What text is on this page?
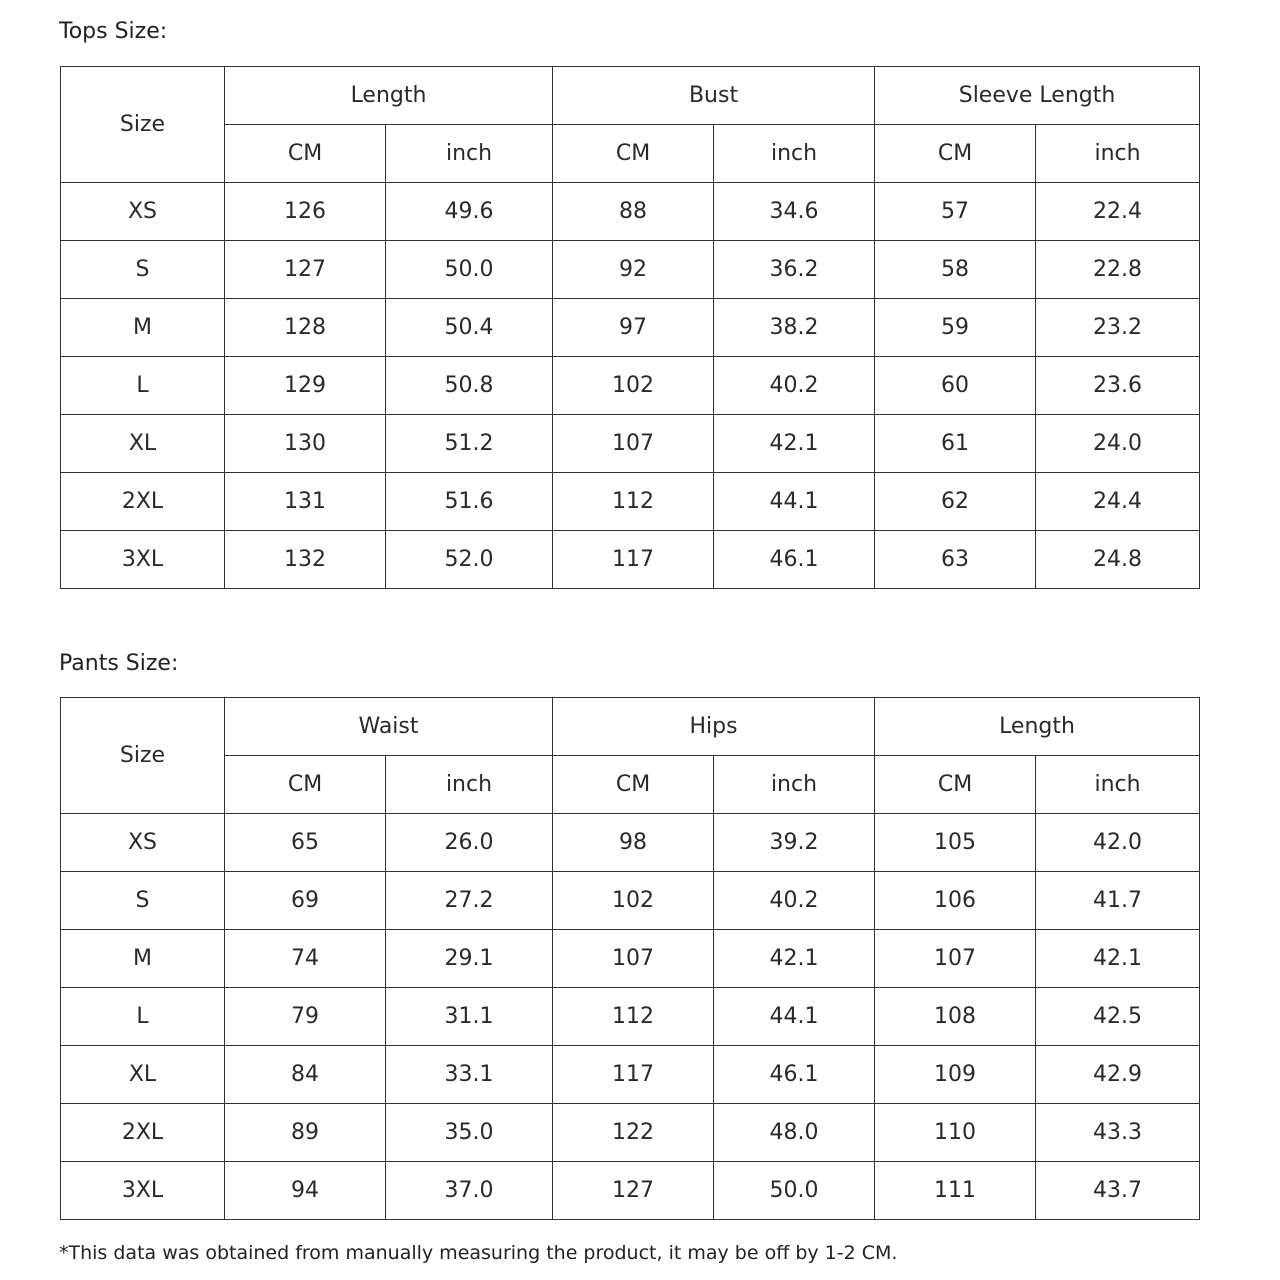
Tops Size:
Size	Length		Bust		Sleeve Length	
	CM	inch	CM	inch	CM	inch
XS	126	49.6	88	34.6	57	22.4
S	127	50.0	92	36.2	58	22.8
M	128	50.4	97	38.2	59	23.2
L	129	50.8	102	40.2	60	23.6
XL	130	51.2	107	42.1	61	24.0
2XL	131	51.6	112	44.1	62	24.4
3XL	132	52.0	117	46.1	63	24.8
Pants Size:
Size	Waist		Hips		Length	
	CM	inch	CM	inch	CM	inch
XS	65	26.0	98	39.2	105	42.0
S	69	27.2	102	40.2	106	41.7
M	74	29.1	107	42.1	107	42.1
L	79	31.1	112	44.1	108	42.5
XL	84	33.1	117	46.1	109	42.9
2XL	89	35.0	122	48.0	110	43.3
3XL	94	37.0	127	50.0	111	43.7
*This data was obtained from manually measuring the product, it may be off by 1-2 CM.
